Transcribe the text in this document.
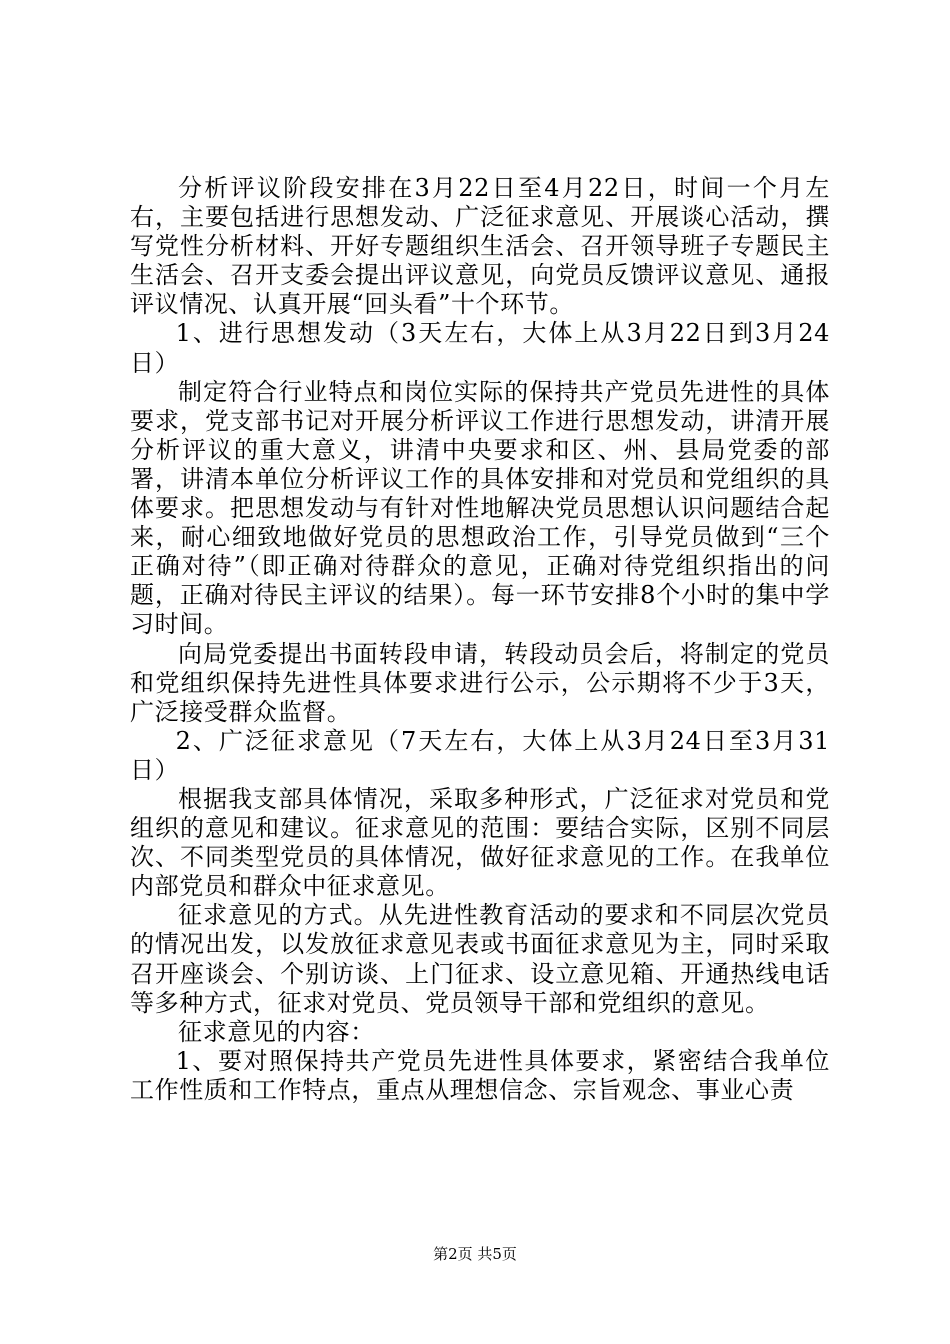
分析评议阶段安排在3月22日至4月22日，时间一个月左右，主要包括进行思想发动、广泛征求意见、开展谈心活动，撰写党性分析材料、开好专题组织生活会、召开领导班子专题民主生活会、召开支委会提出评议意见，向党员反馈评议意见、通报评议情况、认真开展“回头看”十个环节。

1、进行思想发动（3天左右，大体上从3月22日到3月24日）

制定符合行业特点和岗位实际的保持共产党员先进性的具体要求，党支部书记对开展分析评议工作进行思想发动，讲清开展分析评议的重大意义，讲清中央要求和区、州、县局党委的部署，讲清本单位分析评议工作的具体安排和对党员和党组织的具体要求。把思想发动与有针对性地解决党员思想认识问题结合起来，耐心细致地做好党员的思想政治工作，引导党员做到“三个正确对待”（即正确对待群众的意见，正确对待党组织指出的问题，正确对待民主评议的结果）。每一环节安排8个小时的集中学习时间。

向局党委提出书面转段申请，转段动员会后，将制定的党员和党组织保持先进性具体要求进行公示，公示期将不少于3天，广泛接受群众监督。

2、广泛征求意见（7天左右，大体上从3月24日至3月31日）

根据我支部具体情况，采取多种形式，广泛征求对党员和党组织的意见和建议。征求意见的范围：要结合实际，区别不同层次、不同类型党员的具体情况，做好征求意见的工作。在我单位内部党员和群众中征求意见。

征求意见的方式。从先进性教育活动的要求和不同层次党员的情况出发，以发放征求意见表或书面征求意见为主，同时采取召开座谈会、个别访谈、上门征求、设立意见箱、开通热线电话等多种方式，征求对党员、党员领导干部和党组织的意见。

征求意见的内容：

1、要对照保持共产党员先进性具体要求，紧密结合我单位工作性质和工作特点，重点从理想信念、宗旨观念、事业心责

第2页 共5页
